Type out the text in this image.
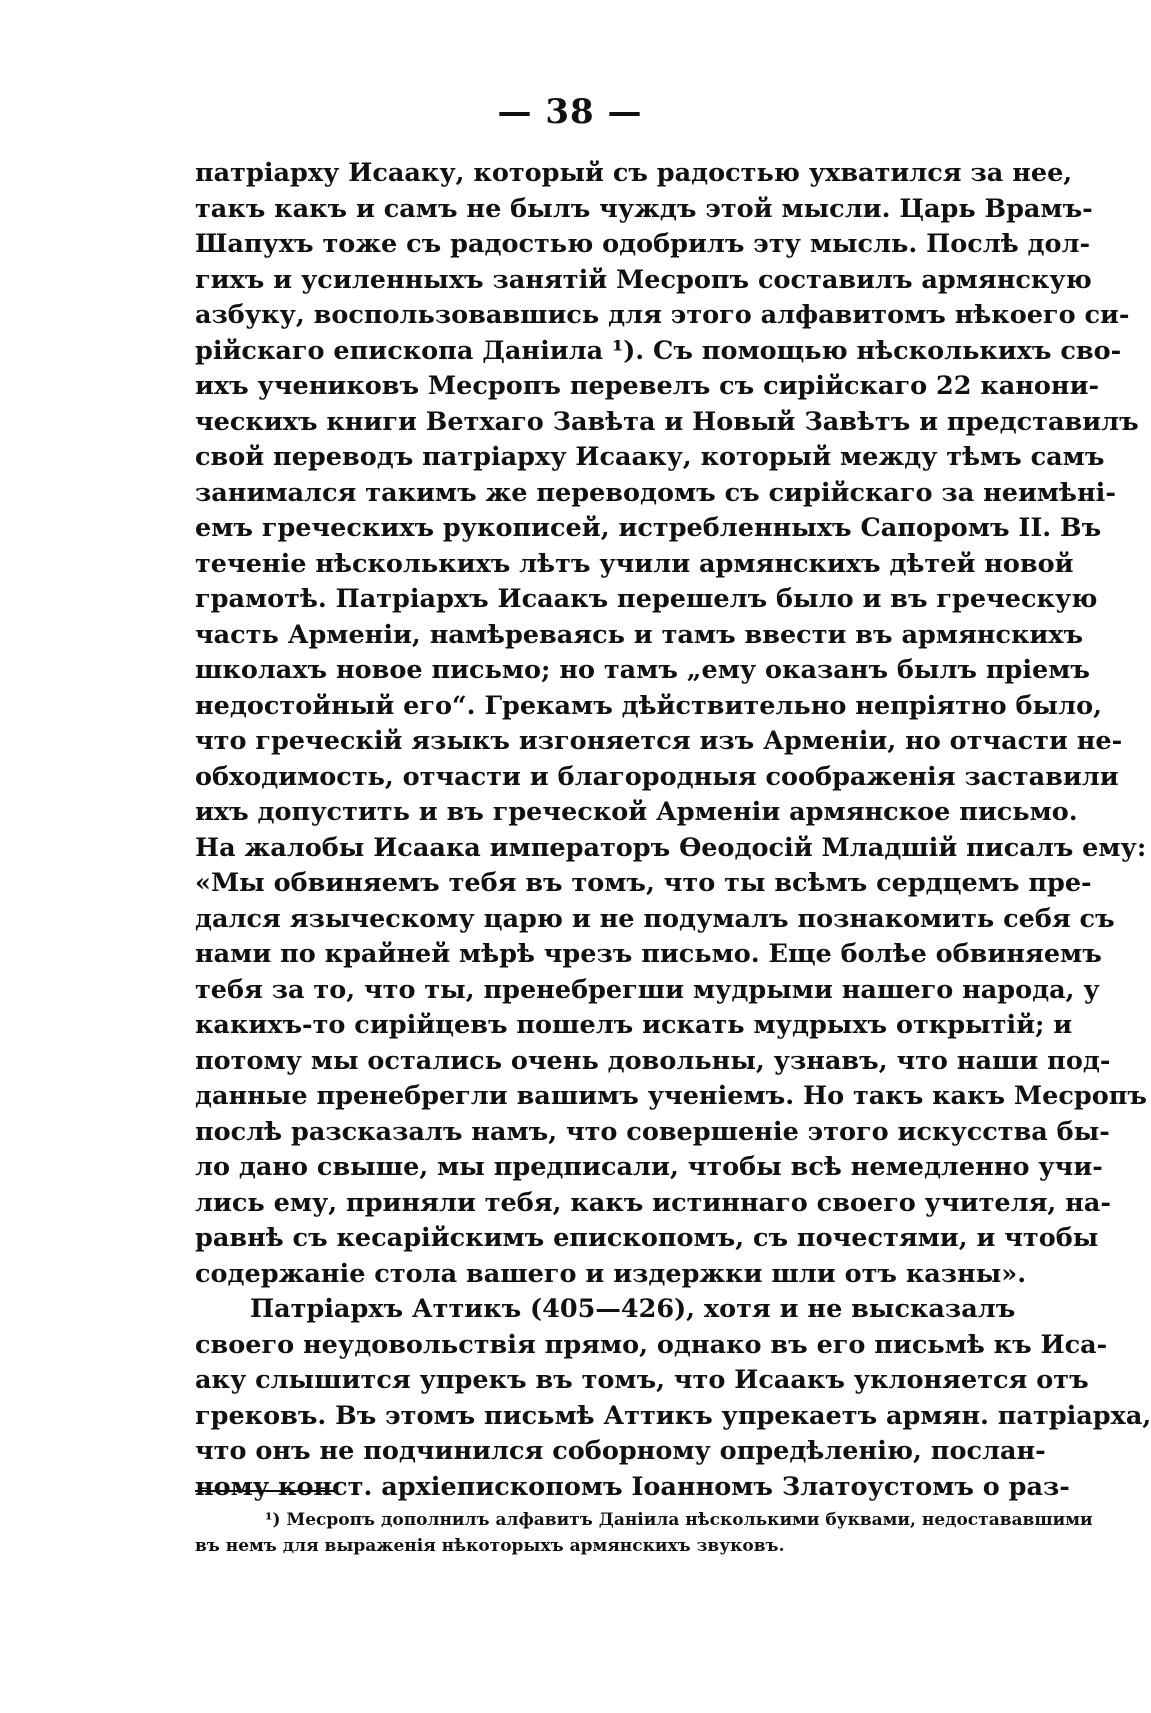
— 38 —
патріарху Исааку, который съ радостью ухватился за нее,
такъ какъ и самъ не былъ чуждъ этой мысли. Царь Врамъ-
Шапухъ тоже съ радостью одобрилъ эту мысль. Послѣ дол-
гихъ и усиленныхъ занятій Месропъ составилъ армянскую
азбуку, воспользовавшись для этого алфавитомъ нѣкоего си-
рійскаго епископа Даніила ¹). Съ помощью нѣсколькихъ сво-
ихъ учениковъ Месропъ перевелъ съ сирійскаго 22 канони-
ческихъ книги Ветхаго Завѣта и Новый Завѣтъ и представилъ
свой переводъ патріарху Исааку, который между тѣмъ самъ
занимался такимъ же переводомъ съ сирійскаго за неимѣні-
емъ греческихъ рукописей, истребленныхъ Сапоромъ II. Въ
теченіе нѣсколькихъ лѣтъ учили армянскихъ дѣтей новой
грамотѣ. Патріархъ Исаакъ перешелъ было и въ греческую
часть Арменіи, намѣреваясь и тамъ ввести въ армянскихъ
школахъ новое письмо; но тамъ „ему оказанъ былъ пріемъ
недостойный его“. Грекамъ дѣйствительно непріятно было,
что греческій языкъ изгоняется изъ Арменіи, но отчасти не-
обходимость, отчасти и благородныя соображенія заставили
ихъ допустить и въ греческой Арменіи армянское письмо.
На жалобы Исаака императоръ Ѳеодосій Младшій писалъ ему:
«Мы обвиняемъ тебя въ томъ, что ты всѣмъ сердцемъ пре-
дался языческому царю и не подумалъ познакомить себя съ
нами по крайней мѣрѣ чрезъ письмо. Еще болѣе обвиняемъ
тебя за то, что ты, пренебрегши мудрыми нашего народа, у
какихъ-то сирійцевъ пошелъ искать мудрыхъ открытій; и
потому мы остались очень довольны, узнавъ, что наши под-
данные пренебрегли вашимъ ученіемъ. Но такъ какъ Месропъ
послѣ разсказалъ намъ, что совершеніе этого искусства бы-
ло дано свыше, мы предписали, чтобы всѣ немедленно учи-
лись ему, приняли тебя, какъ истиннаго своего учителя, на-
равнѣ съ кесарійскимъ епископомъ, съ почестями, и чтобы
содержаніе стола вашего и издержки шли отъ казны».
Патріархъ Аттикъ (405—426), хотя и не высказалъ
своего неудовольствія прямо, однако въ его письмѣ къ Иса-
аку слышится упрекъ въ томъ, что Исаакъ уклоняется отъ
грековъ. Въ этомъ письмѣ Аттикъ упрекаетъ армян. патріарха,
что онъ не подчинился соборному опредѣленію, послан-
ному конст. архіепископомъ Іоанномъ Златоустомъ о раз-
¹) Месропъ дополнилъ алфавитъ Даніила нѣсколькими буквами, недостававшими
въ немъ для выраженія нѣкоторыхъ армянскихъ звуковъ.
